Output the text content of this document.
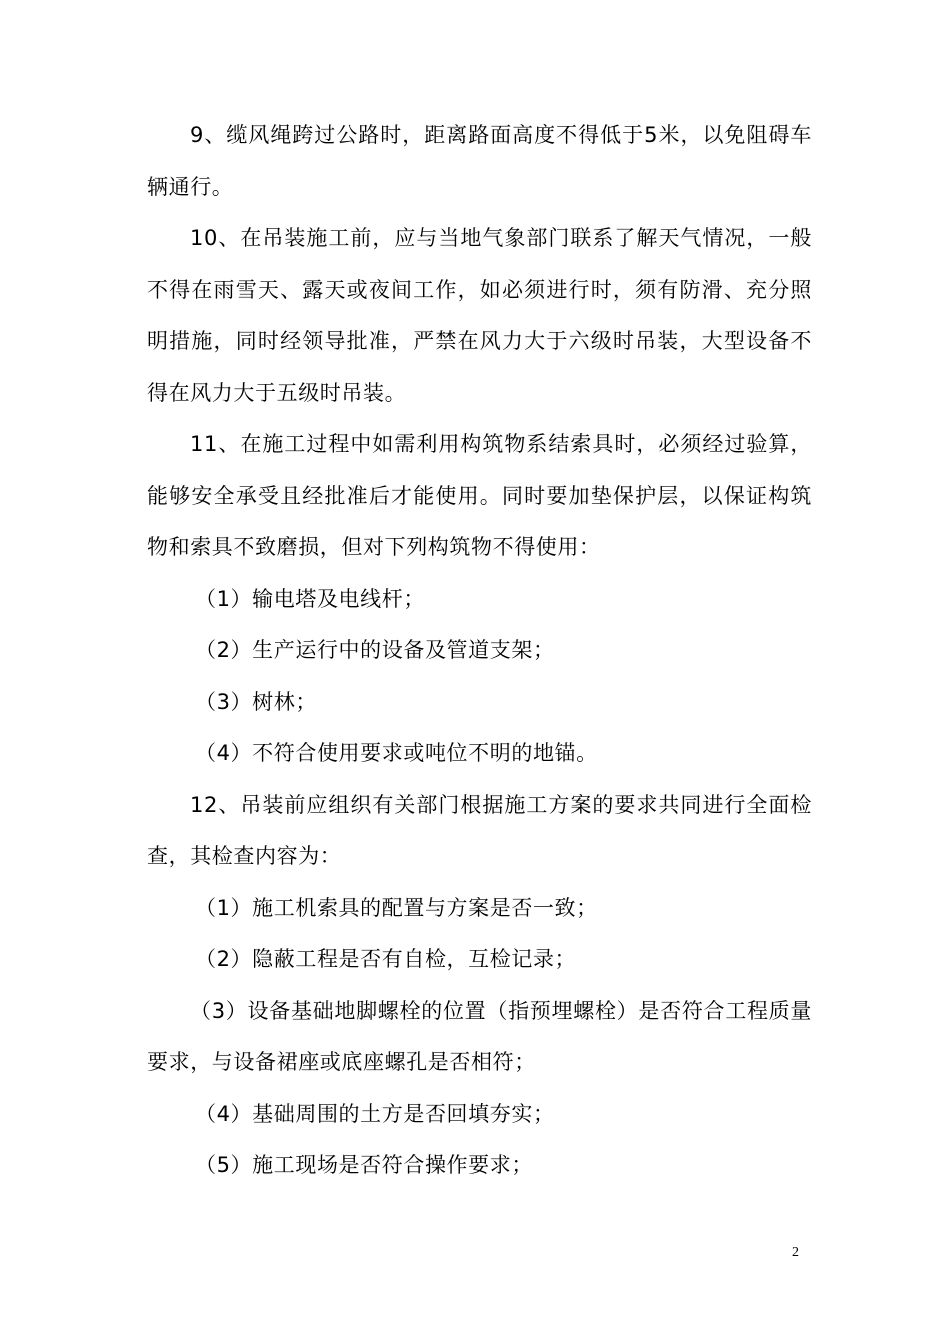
9、缆风绳跨过公路时，距离路面高度不得低于5米，以免阻碍车辆通行。

10、在吊装施工前，应与当地气象部门联系了解天气情况，一般不得在雨雪天、露天或夜间工作，如必须进行时，须有防滑、充分照明措施，同时经领导批准，严禁在风力大于六级时吊装，大型设备不得在风力大于五级时吊装。

11、在施工过程中如需利用构筑物系结索具时，必须经过验算，能够安全承受且经批准后才能使用。同时要加垫保护层，以保证构筑物和索具不致磨损，但对下列构筑物不得使用：

（1）输电塔及电线杆；

（2）生产运行中的设备及管道支架；

（3）树林；

（4）不符合使用要求或吨位不明的地锚。

12、吊装前应组织有关部门根据施工方案的要求共同进行全面检查，其检查内容为：

（1）施工机索具的配置与方案是否一致；

（2）隐蔽工程是否有自检，互检记录；

（3）设备基础地脚螺栓的位置（指预埋螺栓）是否符合工程质量要求，与设备裙座或底座螺孔是否相符；

（4）基础周围的土方是否回填夯实；

（5）施工现场是否符合操作要求；

2
